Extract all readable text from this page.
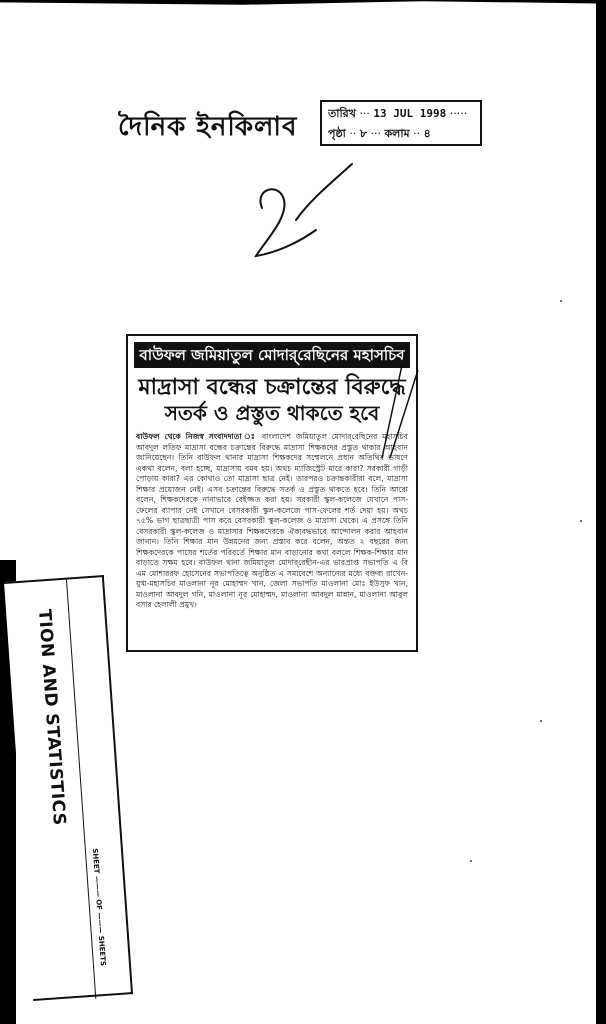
দৈনিক ইনকিলাব	তারিখ ··· 13 JUL 1998 ·····
পৃষ্ঠা ·· ৮ ··· কলাম ·· ৪
বাউফল জমিয়াতুল মোদার্‌রেছিনের মহাসচিব
মাদ্রাসা বন্ধের চক্রান্তের বিরুদ্ধে
সতর্ক ও প্রস্তুত থাকতে হবে
বাউফল থেকে নিজস্ব সংবাদদাতা ঃ বাংলাদেশ জমিয়াতুল মোদার্‌রেছিনের মহাসচিব আবদুল লতিফ মাদ্রাসা বন্ধের চক্রান্তের বিরুদ্ধে মাদ্রাসা শিক্ষকদের প্রস্তুত থাকার আহবান জানিয়েছেন। তিনি বাউফল থানার মাদ্রাসা শিক্ষকদের সম্মেলনে প্রধান অতিথির ভাষণে একথা বলেন, বলা হচ্ছে, মাদ্রাসায় বমব হয়। অথচ ম্যাজিস্ট্রেট মারে কারা? সরকারী গাড়ী পোড়ায় কারা? এর কোথাও তো মাদ্রাসা ছাত্র নেই। তারপরও চক্রান্তকারীরা বলে, মাদ্রাসা শিক্ষার প্রয়োজন নেই। এসব চক্রান্তের বিরুদ্ধে সতর্ক ও প্রস্তুত থাকতে হবে। তিনি আরো বলেন, শিক্ষকদেরকে নানাভাবে বেইজ্জত করা হয়। সরকারী স্কুল-কলেজে যেখানে পাস-ফেলের ব্যাপার নেই সেখানে বেসরকারী স্কুল-কলেজে পাস-ফেলের শর্ত দেয়া হয়। অথচ ৭৫% ভাগ ছাত্রছাত্রী পাস করে বেসরকারী স্কুল-কলেজ ও মাদ্রাসা থেকে। এ প্রসঙ্গে তিনি বেসরকারী স্কুল-কলেজ ও মাদ্রাসার শিক্ষকদেরকে ঐক্যবদ্ধভাবে আন্দোলন করার আহবান জানান। তিনি শিক্ষার মান উন্নয়নের জন্য প্রস্তাব করে বলেন, অন্তত ২ বছরের জন্য শিক্ষকদেরকে পাসের শর্তের পরিবর্তে শিক্ষার মান বাড়ানোর কথা বললে শিক্ষক-শিক্ষার মান বাড়াতে সক্ষম হবে। বাউফল থানা জমিয়াতুল মোদার্‌রেছীন-এর ভারপ্রাপ্ত সভাপতি এ বি এম মোশাররফ হোসেনের সভাপতিত্বে অনুষ্ঠিত এ সমাবেশে অন্যান্যের মধ্যে বক্তব্য রাখেন- যুগ্ম-মহাসচিব মাওলানা নূর মোহাম্মদ খান, জেলা সভাপতি মাওলানা মোঃ ইউসুফ খান, মাওলানা আবদুল গনি, মাওলানা নূর মোহাম্মদ, মাওলানা আবদুল মান্নান, মাওলানা আবুল বসার হেলালী প্রমুখ।
TION AND STATISTICS
SHEET ——— OF ——— SHEETS
